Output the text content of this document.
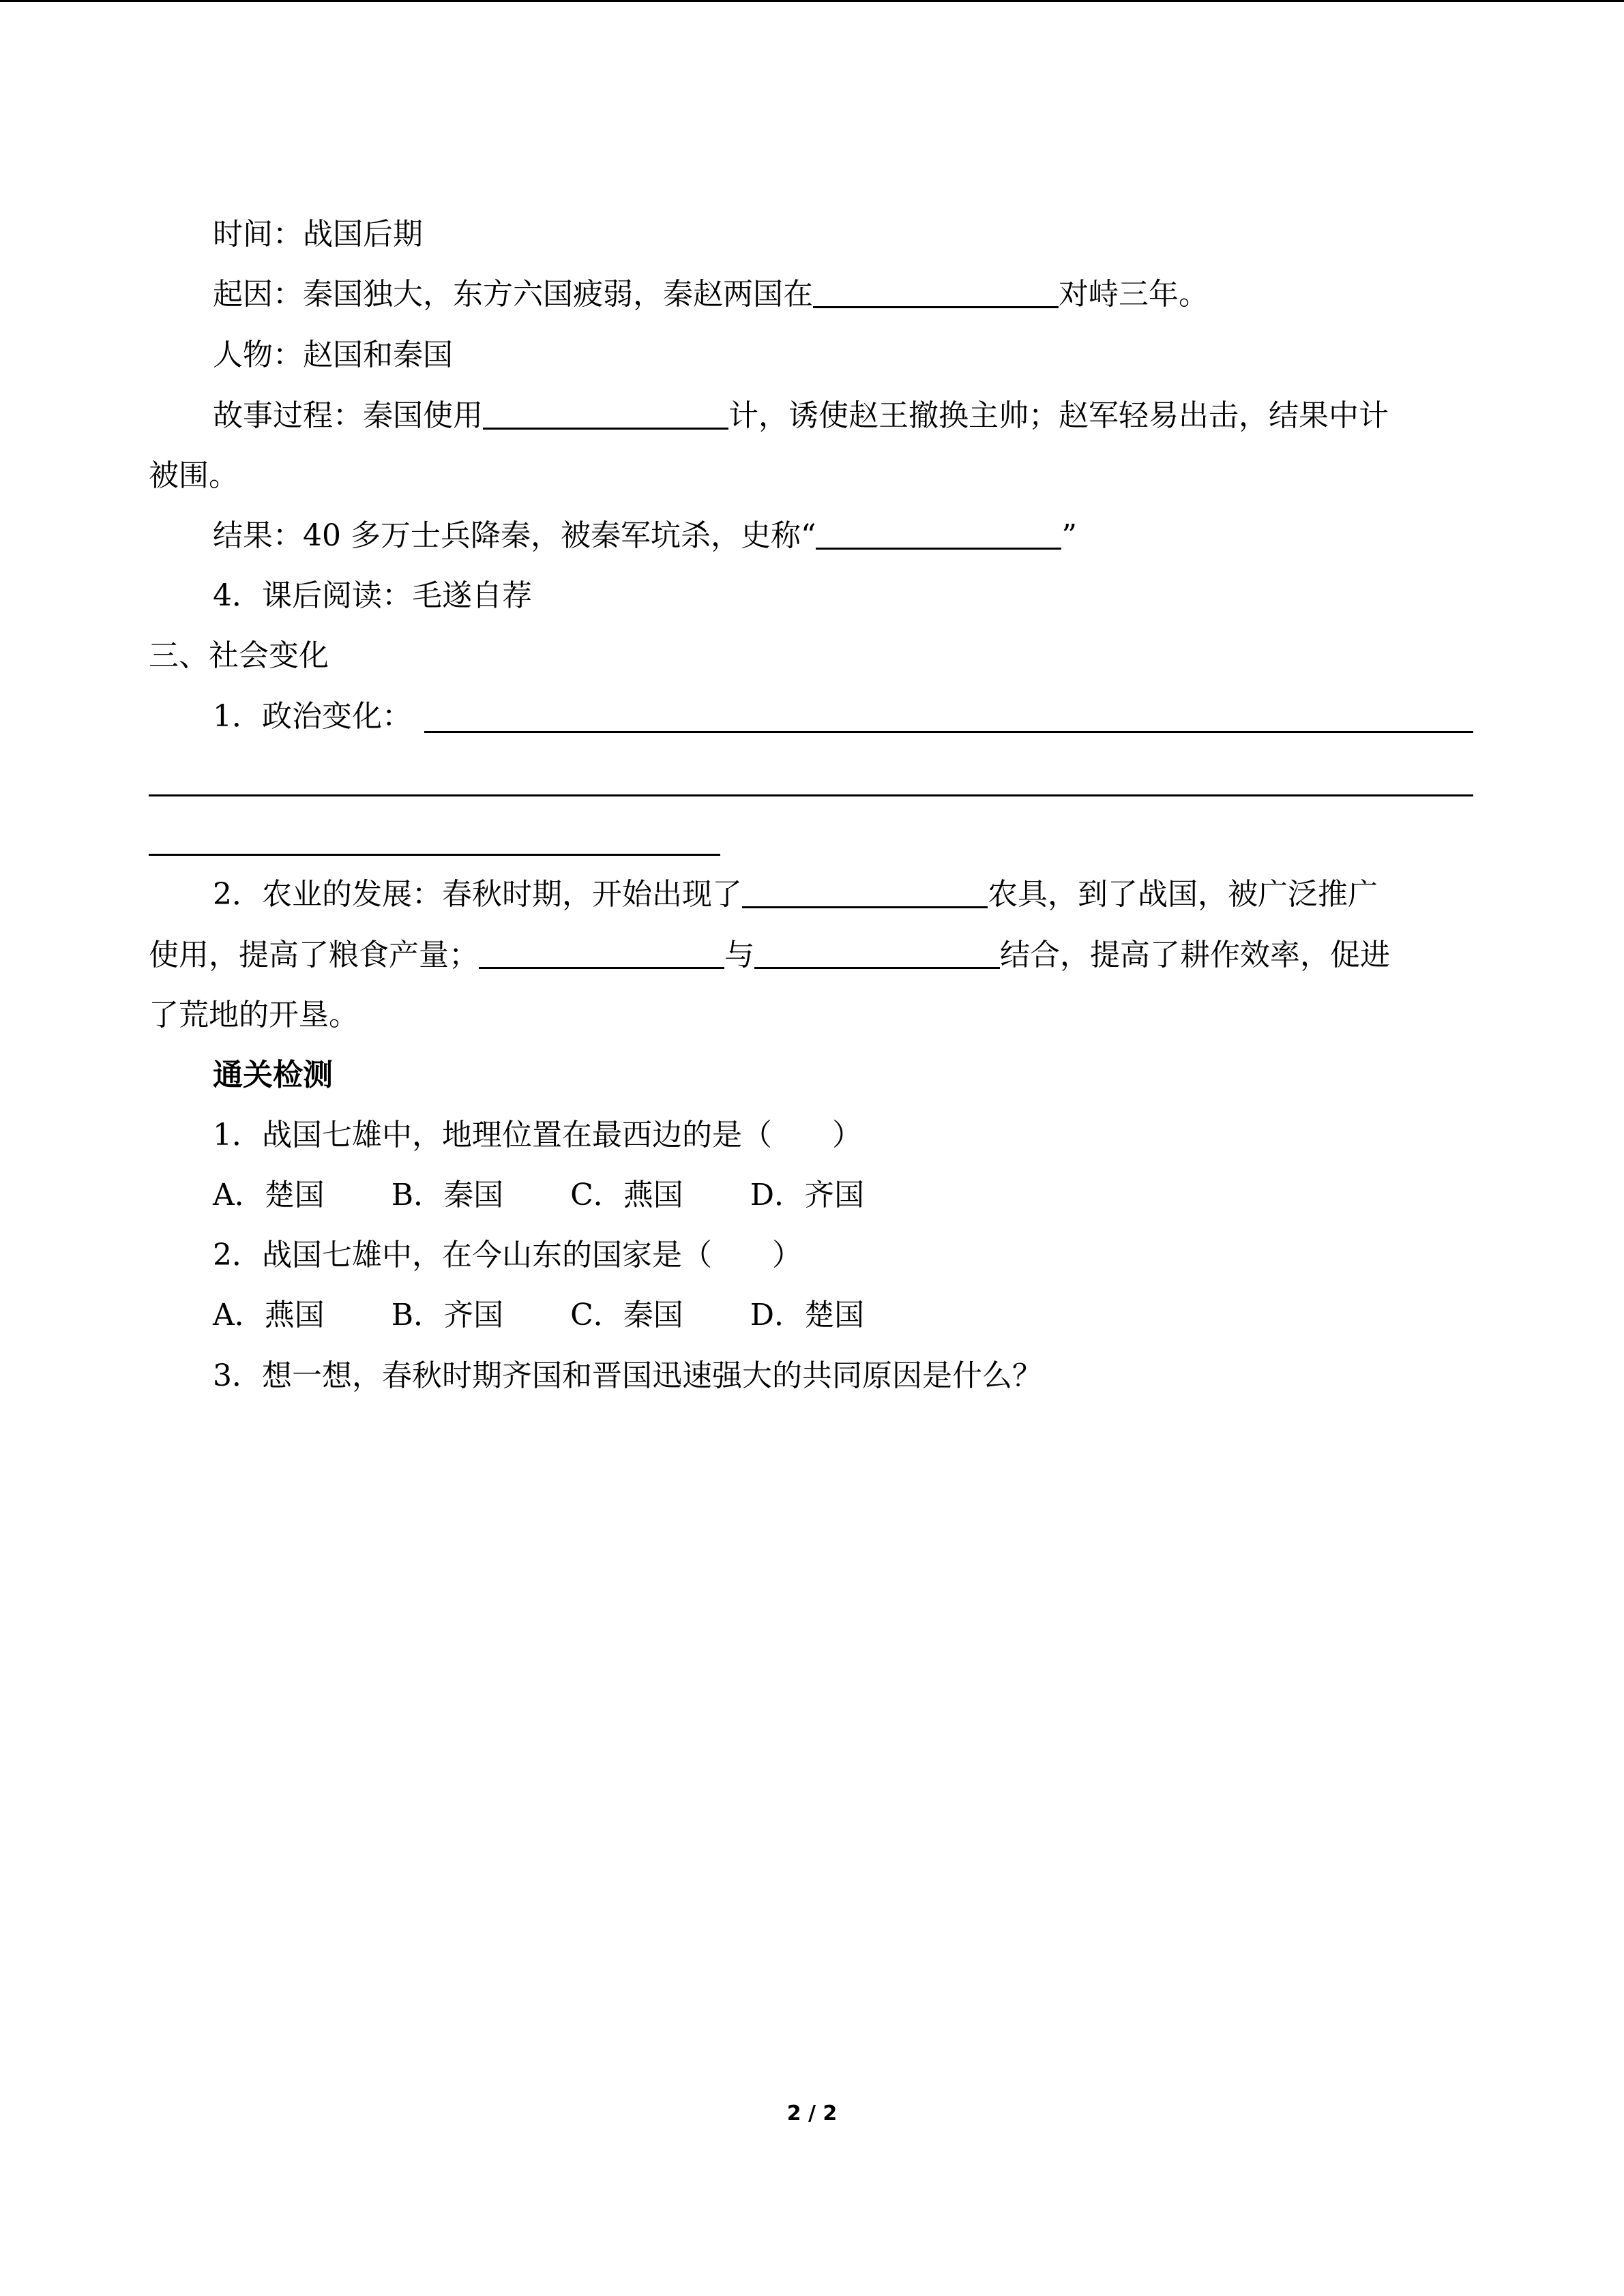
时间：战国后期
起因：秦国独大，东方六国疲弱，秦赵两国在	对峙三年。
人物：赵国和秦国
故事过程：秦国使用	计，诱使赵王撤换主帅；赵军轻易出击，结果中计
被围。
结果：40 多万士兵降秦，被秦军坑杀，史称“	”
4．课后阅读：毛遂自荐
三、社会变化
1．政治变化：
2．农业的发展：春秋时期，开始出现了	农具，到了战国，被广泛推广
使用，提高了粮食产量；	与	结合，提高了耕作效率，促进
了荒地的开垦。
通关检测
1．战国七雄中，地理位置在最西边的是（　　）
A．楚国 B．秦国 C．燕国 D．齐国
2．战国七雄中，在今山东的国家是（　　）
A．燕国 B．齐国 C．秦国 D．楚国
3．想一想，春秋时期齐国和晋国迅速强大的共同原因是什么？
2 / 2
